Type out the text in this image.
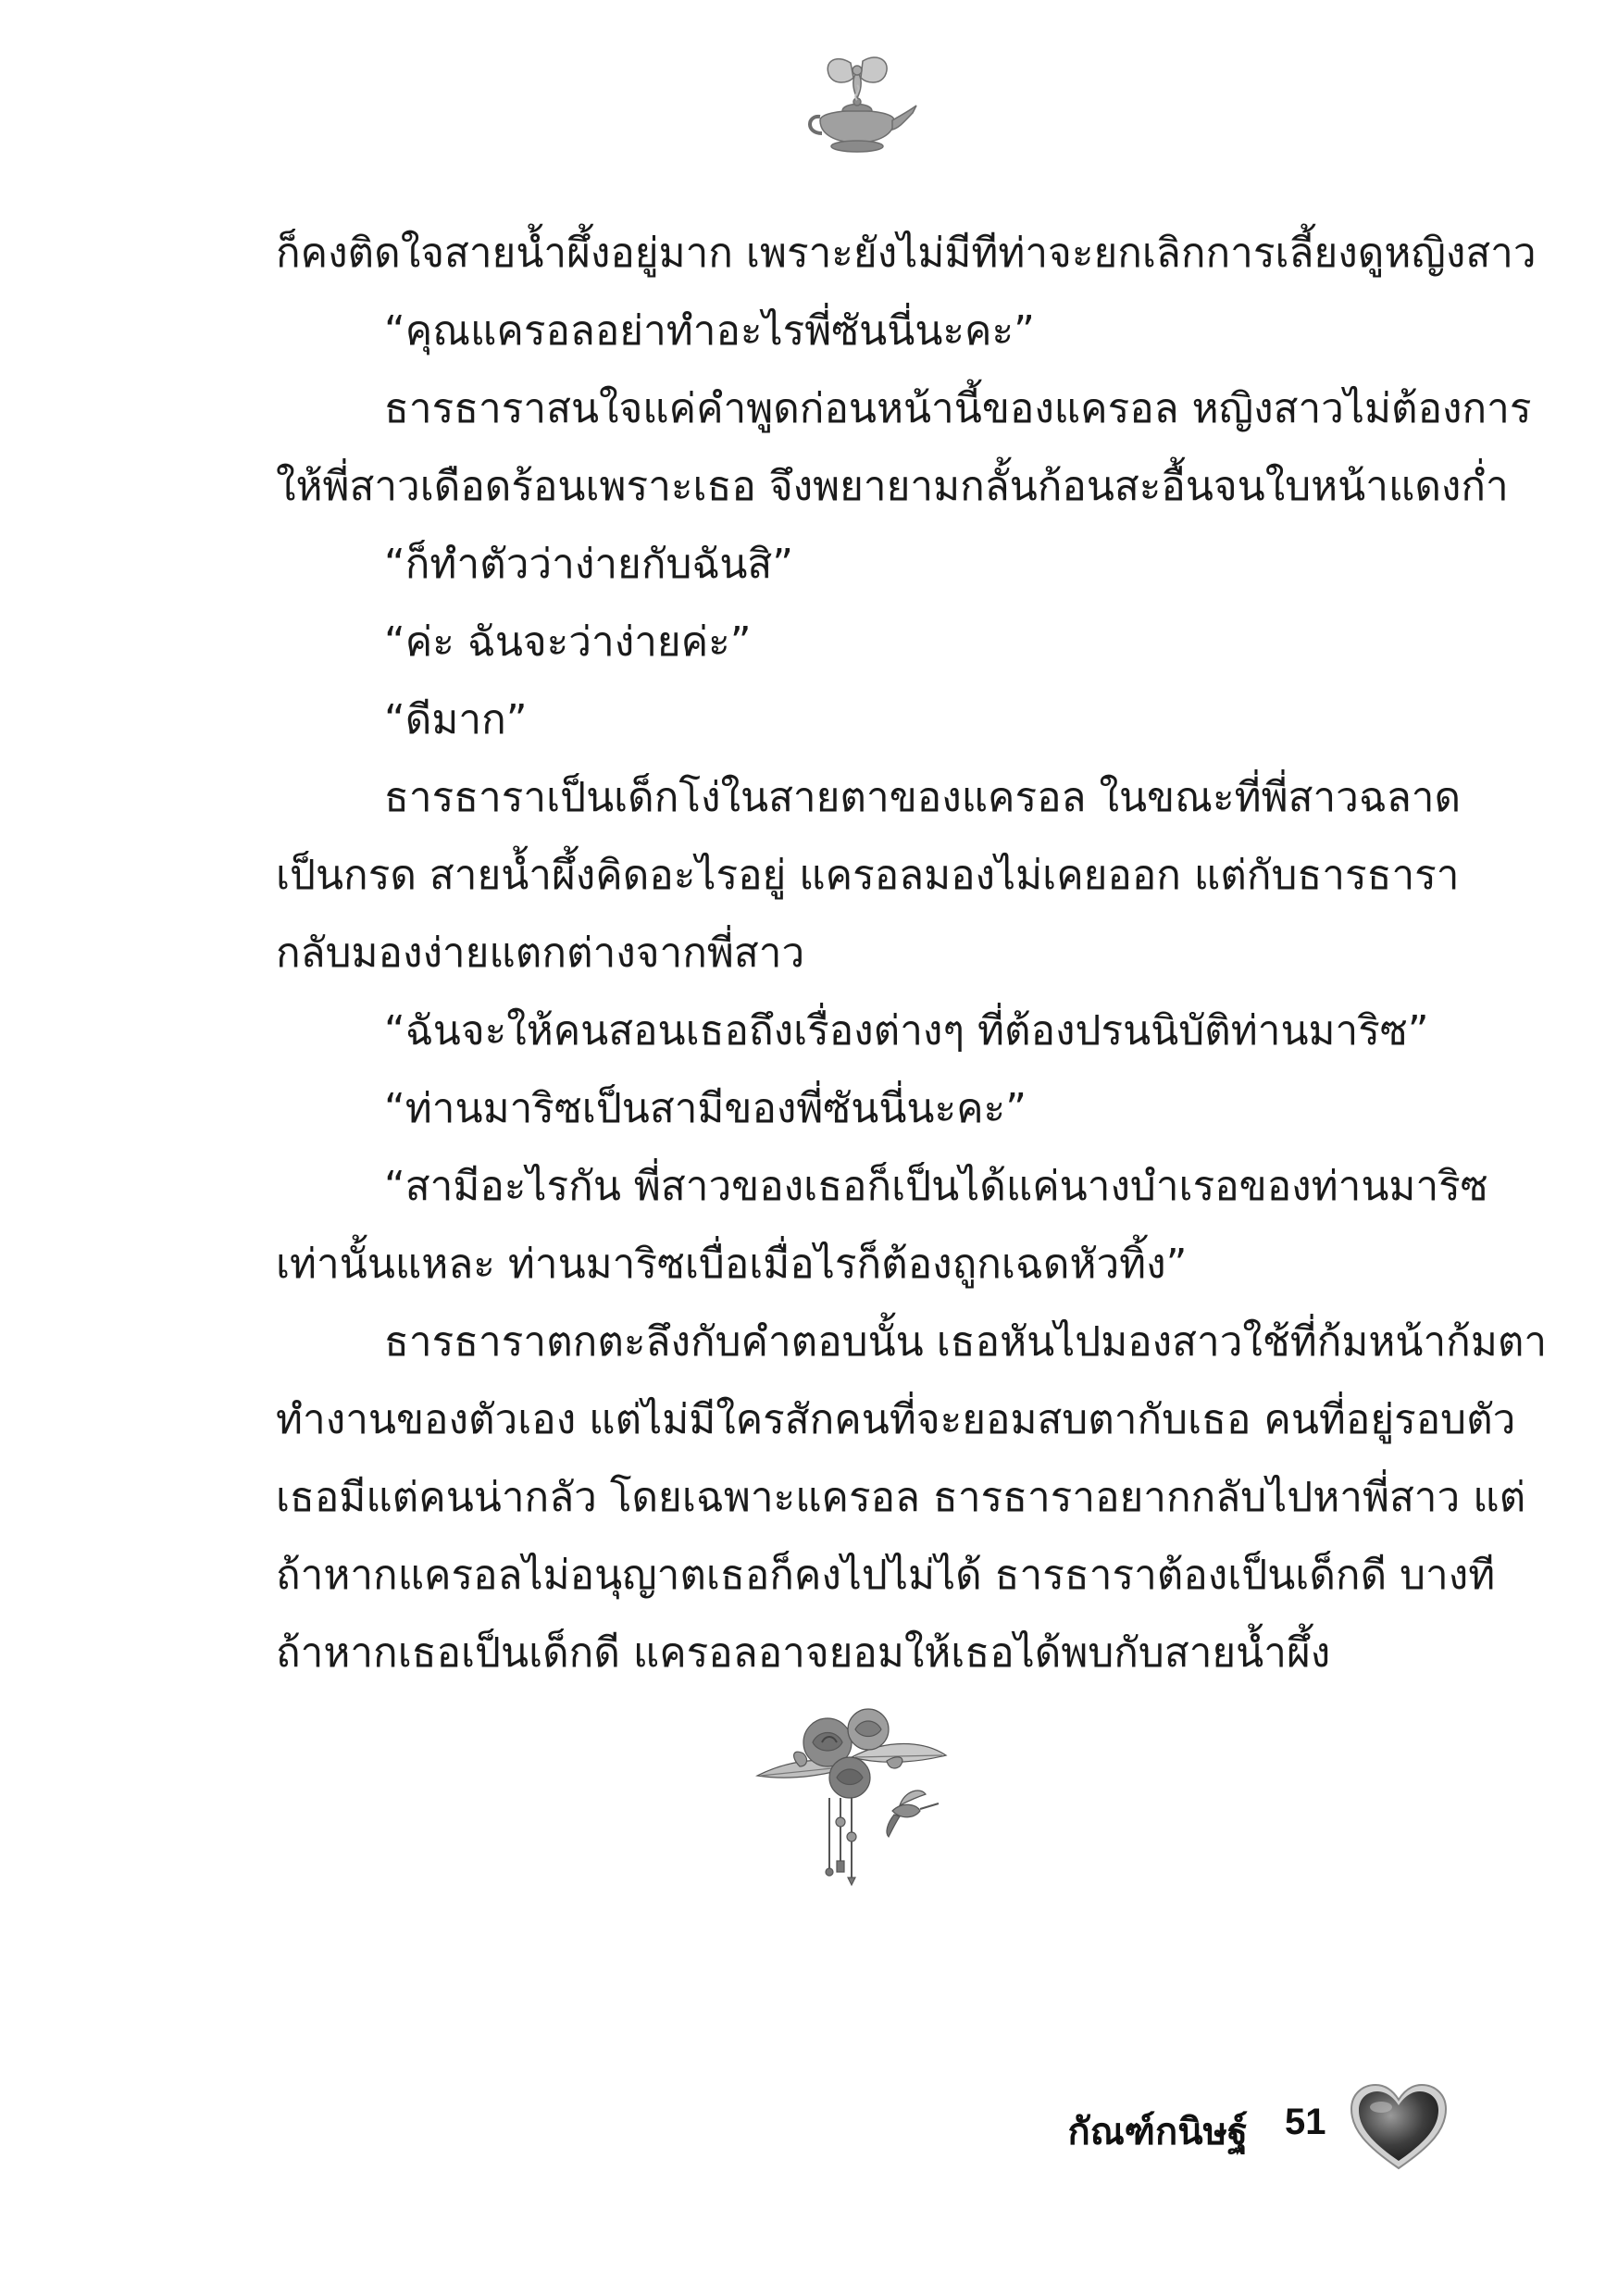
ก็คงติดใจสายน้ำผึ้งอยู่มาก เพราะยังไม่มีทีท่าจะยกเลิกการเลี้ยงดูหญิงสาว
“คุณแครอลอย่าทำอะไรพี่ซันนี่นะคะ”
ธารธาราสนใจแค่คำพูดก่อนหน้านี้ของแครอล หญิงสาวไม่ต้องการ
ให้พี่สาวเดือดร้อนเพราะเธอ จึงพยายามกลั้นก้อนสะอื้นจนใบหน้าแดงก่ำ
“ก็ทำตัวว่าง่ายกับฉันสิ”
“ค่ะ ฉันจะว่าง่ายค่ะ”
“ดีมาก”
ธารธาราเป็นเด็กโง่ในสายตาของแครอล ในขณะที่พี่สาวฉลาด
เป็นกรด สายน้ำผึ้งคิดอะไรอยู่ แครอลมองไม่เคยออก แต่กับธารธารา
กลับมองง่ายแตกต่างจากพี่สาว
“ฉันจะให้คนสอนเธอถึงเรื่องต่างๆ ที่ต้องปรนนิบัติท่านมาริซ”
“ท่านมาริซเป็นสามีของพี่ซันนี่นะคะ”
“สามีอะไรกัน พี่สาวของเธอก็เป็นได้แค่นางบำเรอของท่านมาริซ
เท่านั้นแหละ ท่านมาริซเบื่อเมื่อไรก็ต้องถูกเฉดหัวทิ้ง”
ธารธาราตกตะลึงกับคำตอบนั้น เธอหันไปมองสาวใช้ที่ก้มหน้าก้มตา
ทำงานของตัวเอง แต่ไม่มีใครสักคนที่จะยอมสบตากับเธอ คนที่อยู่รอบตัว
เธอมีแต่คนน่ากลัว โดยเฉพาะแครอล ธารธาราอยากกลับไปหาพี่สาว แต่
ถ้าหากแครอลไม่อนุญาตเธอก็คงไปไม่ได้ ธารธาราต้องเป็นเด็กดี บางที
ถ้าหากเธอเป็นเด็กดี แครอลอาจยอมให้เธอได้พบกับสายน้ำผึ้ง
กัณฑ์กนิษฐ์ 51
